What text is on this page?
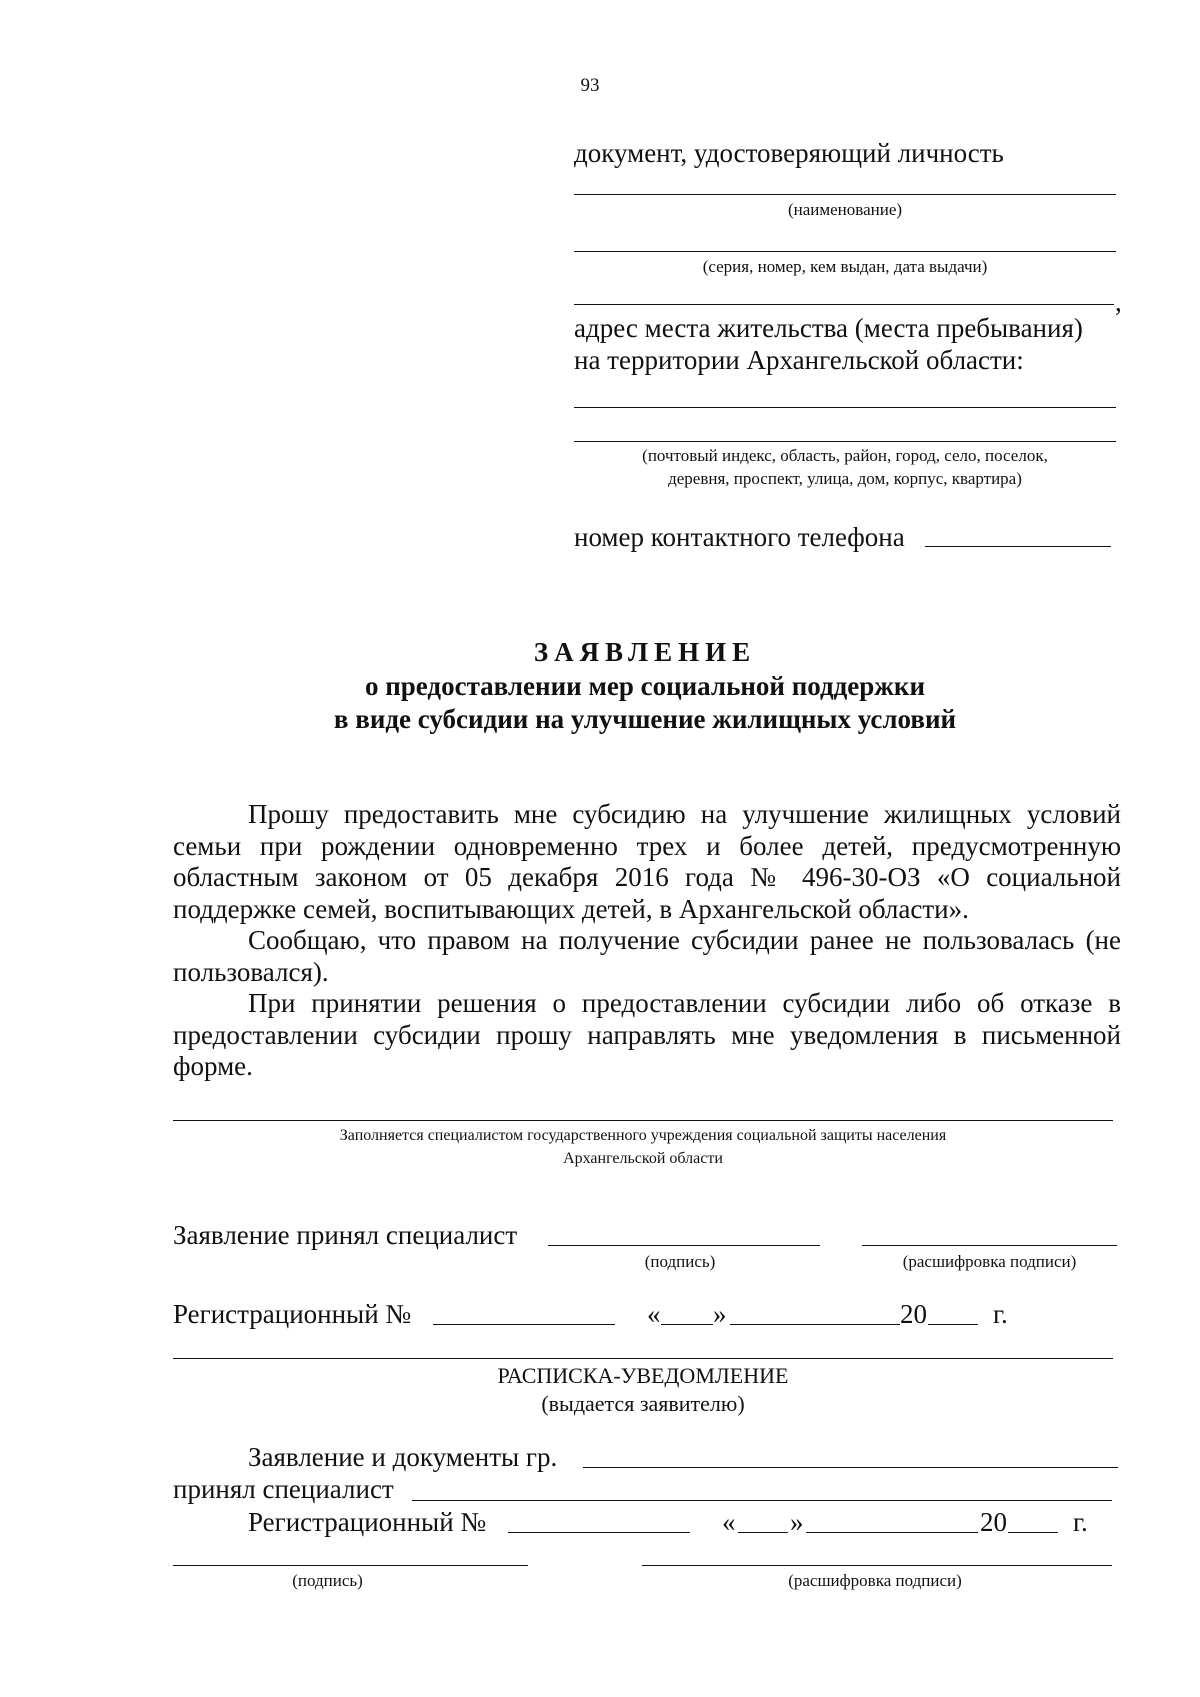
93
документ, удостоверяющий личность
(наименование)
(серия, номер, кем выдан, дата выдачи)
,
адрес места жительства (места пребывания)
на территории Архангельской области:
(почтовый индекс, область, район, город, село, поселок,
деревня, проспект, улица, дом, корпус, квартира)
номер контактного телефона
ЗАЯВЛЕНИЕ
о предоставлении мер социальной поддержки
в виде субсидии на улучшение жилищных условий
Прошу предоставить мне субсидию на улучшение жилищных условий семьи при рождении одновременно трех и более детей, предусмотренную областным законом от 05 декабря 2016 года № 496-30-ОЗ «О социальной поддержке семей, воспитывающих детей, в Архангельской области».
Сообщаю, что правом на получение субсидии ранее не пользовалась (не пользовался).
При принятии решения о предоставлении субсидии либо об отказе в предоставлении субсидии прошу направлять мне уведомления в письменной форме.
Заполняется специалистом государственного учреждения социальной защиты населения
Архангельской области
Заявление принял специалист
(подпись)	(расшифровка подписи)
Регистрационный №	« »	20 г.
РАСПИСКА-УВЕДОМЛЕНИЕ
(выдается заявителю)
Заявление и документы гр.
принял специалист
Регистрационный №	« »	20 г.
(подпись)	(расшифровка подписи)
